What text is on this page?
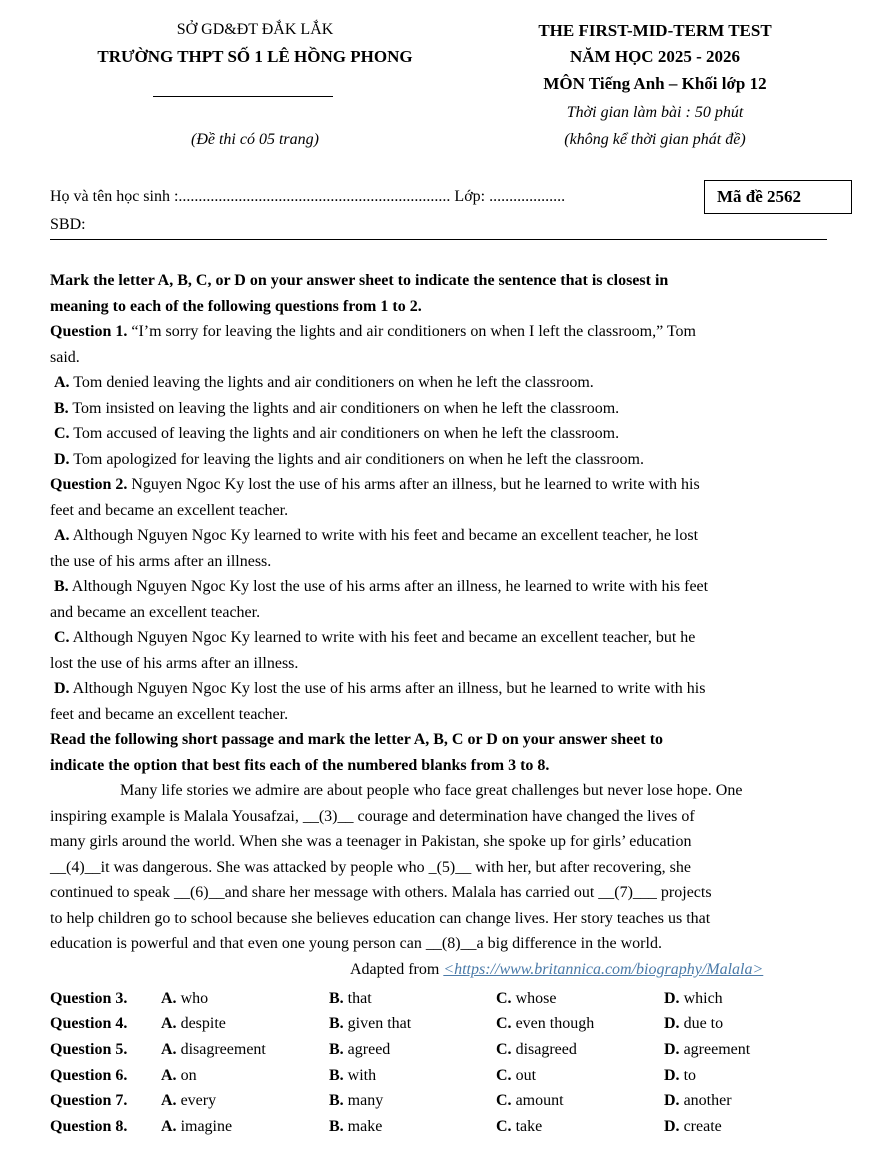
SỞ GD&ĐT ĐẮK LẮK
TRƯỜNG THPT SỐ 1 LÊ HỒNG PHONG
(Đề thi có 05 trang)
THE FIRST-MID-TERM TEST
NĂM HỌC 2025 - 2026
MÔN Tiếng Anh – Khối lớp 12
Thời gian làm bài : 50 phút
(không kể thời gian phát đề)
Họ và tên học sinh :.................................................................... Lớp: ...................	Mã đề 2562
SBD:

Mark the letter A, B, C, or D on your answer sheet to indicate the sentence that is closest in
meaning to each of the following questions from 1 to 2.

Question 1. “I’m sorry for leaving the lights and air conditioners on when I left the classroom,” Tom
said.

A. Tom denied leaving the lights and air conditioners on when he left the classroom.

B. Tom insisted on leaving the lights and air conditioners on when he left the classroom.

C. Tom accused of leaving the lights and air conditioners on when he left the classroom.

D. Tom apologized for leaving the lights and air conditioners on when he left the classroom.

Question 2. Nguyen Ngoc Ky lost the use of his arms after an illness, but he learned to write with his
feet and became an excellent teacher.

A. Although Nguyen Ngoc Ky learned to write with his feet and became an excellent teacher, he lost
the use of his arms after an illness.

B. Although Nguyen Ngoc Ky lost the use of his arms after an illness, he learned to write with his feet
and became an excellent teacher.

C. Although Nguyen Ngoc Ky learned to write with his feet and became an excellent teacher, but he
lost the use of his arms after an illness.

D. Although Nguyen Ngoc Ky lost the use of his arms after an illness, but he learned to write with his
feet and became an excellent teacher.

Read the following short passage and mark the letter A, B, C or D on your answer sheet to
indicate the option that best fits each of the numbered blanks from 3 to 8.

Many life stories we admire are about people who face great challenges but never lose hope. One
inspiring example is Malala Yousafzai, __(3)__ courage and determination have changed the lives of
many girls around the world. When she was a teenager in Pakistan, she spoke up for girls’ education
__(4)__it was dangerous. She was attacked by people who _(5)__ with her, but after recovering, she
continued to speak __(6)__and share her message with others. Malala has carried out __(7)___ projects
to help children go to school because she believes education can change lives. Her story teaches us that
education is powerful and that even one young person can __(8)__a big difference in the world.

Adapted from <https://www.britannica.com/biography/Malala>
Question 3.	A. who	B. that	C. whose	D. which
Question 4.	A. despite	B. given that	C. even though	D. due to
Question 5.	A. disagreement	B. agreed	C. disagreed	D. agreement
Question 6.	A. on	B. with	C. out	D. to
Question 7.	A. every	B. many	C. amount	D. another
Question 8.	A. imagine	B. make	C. take	D. create
